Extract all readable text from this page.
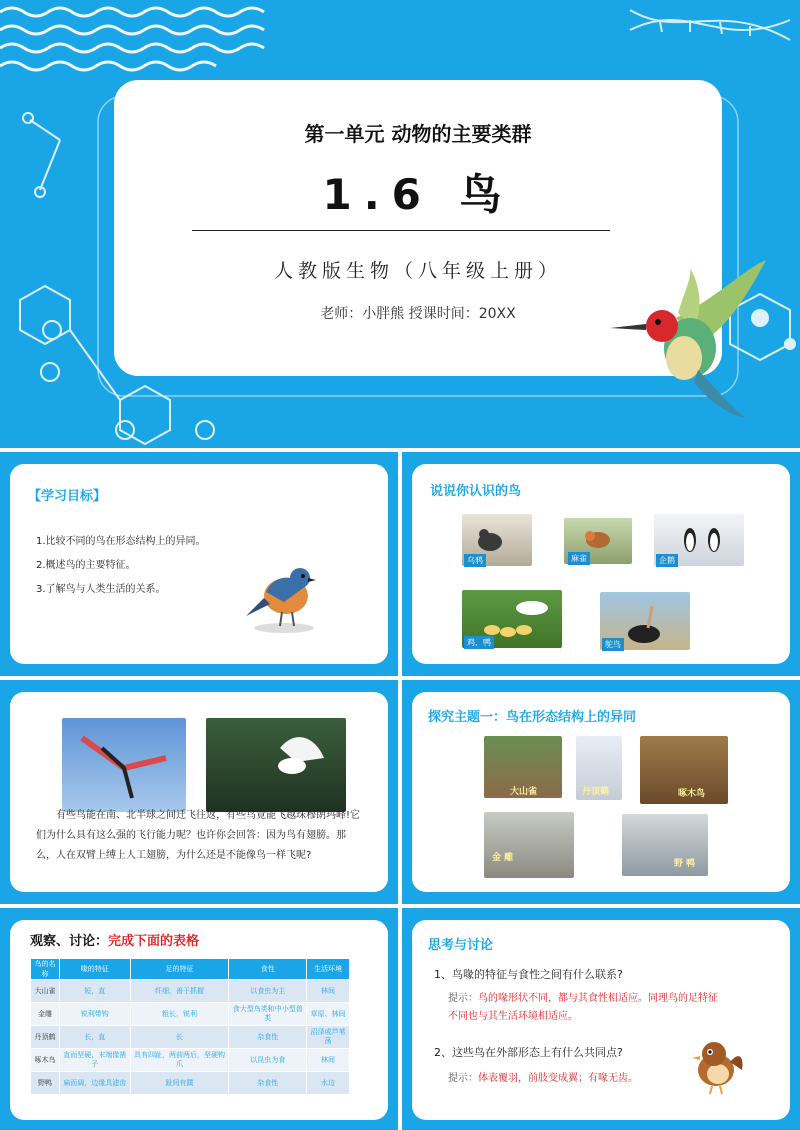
第一单元 动物的主要类群
1.6 鸟
人教版生物（八年级上册）
老师：小胖熊 授课时间：20XX
【学习目标】
1.比较不同的鸟在形态结构上的异同。
2.概述鸟的主要特征。
3.了解鸟与人类生活的关系。
说说你认识的鸟
乌鸦	麻雀	企鹅
鸡、鸭	鸵鸟
有些鸟能在南、北半球之间迁飞往返，有些鸟竟能飞越珠穆朗玛峰!它们为什么具有这么强的飞行能力呢？也许你会回答：因为鸟有翅膀。那么，人在双臂上缚上人工翅膀，为什么还是不能像鸟一样飞呢?
探究主题一：鸟在形态结构上的异同
大山雀	丹顶鹤	啄木鸟
金 雕
野 鸭
观察、讨论：完成下面的表格
鸟的名称	喙的特征	足的特征	食性	生活环境
大山雀	短，直	纤细，善于抓握	以食虫为主	林间
金雕	锐利带钩	粗长，锐利	食大型鸟类和中小型兽类	草原、林间
丹顶鹤	长，直	长	杂食性	沼泽或芦苇荡
啄木鸟	直而坚硬，末端像凿子	具有四趾，两前两后，坚硬钩爪	以昆虫为食	林间
野鸭	扁而阔，边缘具滤齿	趾间有蹼	杂食性	水边
思考与讨论
1、鸟喙的特征与食性之间有什么联系?
提示：鸟的喙形状不同，都与其食性相适应。同理鸟的足特征不同也与其生活环境相适应。
2、这些鸟在外部形态上有什么共同点?
提示：体表覆羽，前肢变成翼；有喙无齿。
